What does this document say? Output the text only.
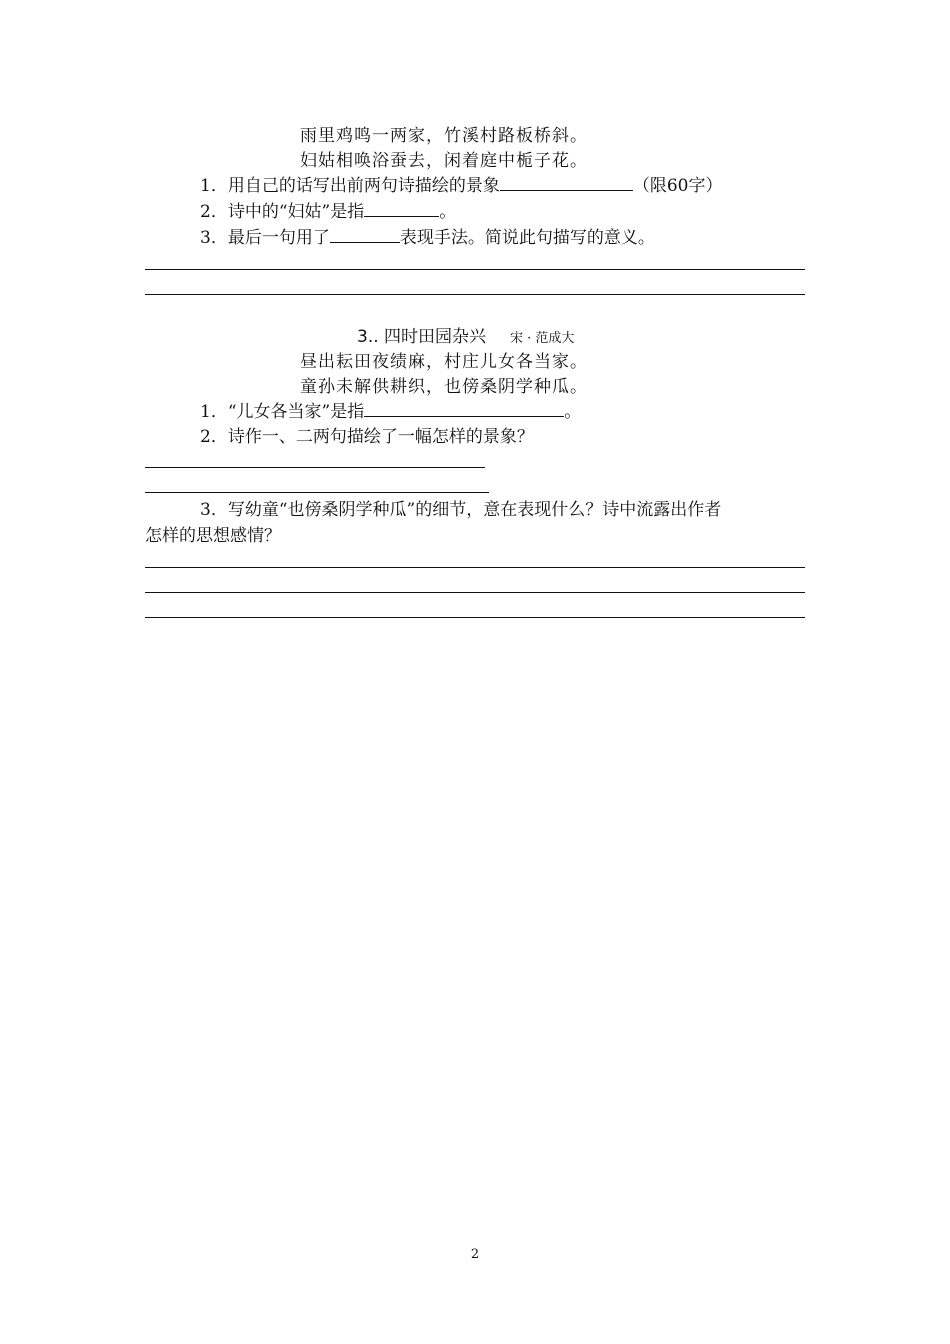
雨里鸡鸣一两家，竹溪村路板桥斜。
妇姑相唤浴蚕去，闲着庭中栀子花。
1．用自己的话写出前两句诗描绘的景象	（限60字）
2．诗中的“妇姑”是指	。
3．最后一句用了	表现手法。简说此句描写的意义。
3.. 四时田园杂兴 宋 · 范成大
昼出耘田夜绩麻，村庄儿女各当家。
童孙未解供耕织，也傍桑阴学种瓜。
1．“儿女各当家”是指	。
2．诗作一、二两句描绘了一幅怎样的景象？
3．写幼童“也傍桑阴学种瓜”的细节，意在表现什么？诗中流露出作者
怎样的思想感情？
2
